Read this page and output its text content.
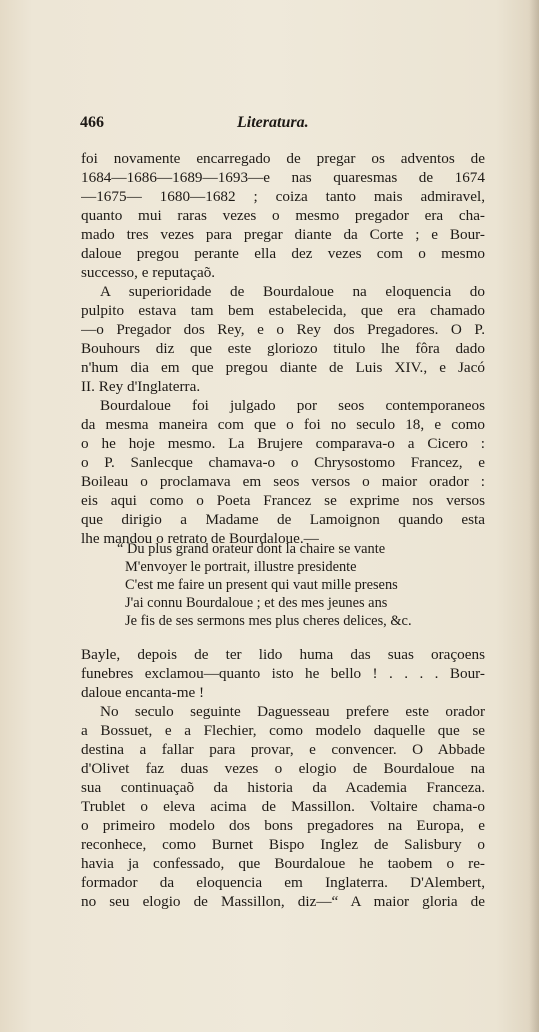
466	Literatura.
foi novamente encarregado de pregar os adventos de
1684—1686—1689—1693—e nas quaresmas de 1674
—1675— 1680—1682 ; coiza tanto mais admiravel,
quanto mui raras vezes o mesmo pregador era cha-
mado tres vezes para pregar diante da Corte ; e Bour-
daloue pregou perante ella dez vezes com o mesmo
successo, e reputaçaõ.
A superioridade de Bourdaloue na eloquencia do
pulpito estava tam bem estabelecida, que era chamado
—o Pregador dos Rey, e o Rey dos Pregadores. O P.
Bouhours diz que este gloriozo titulo lhe fôra dado
n'hum dia em que pregou diante de Luis XIV., e Jacó
II. Rey d'Inglaterra.
Bourdaloue foi julgado por seos contemporaneos
da mesma maneira com que o foi no seculo 18, e como
o he hoje mesmo. La Brujere comparava-o a Cicero :
o P. Sanlecque chamava-o o Chrysostomo Francez, e
Boileau o proclamava em seos versos o maior orador :
eis aqui como o Poeta Francez se exprime nos versos
que dirigio a Madame de Lamoignon quando esta
lhe mandou o retrato de Bourdaloue.—
“ Du plus grand orateur dont la chaire se vante
M'envoyer le portrait, illustre presidente
C'est me faire un present qui vaut mille presens
J'ai connu Bourdaloue ; et des mes jeunes ans
Je fis de ses sermons mes plus cheres delices, &c.
Bayle, depois de ter lido huma das suas oraçoens
funebres exclamou—quanto isto he bello ! . . . . Bour-
daloue encanta-me !
No seculo seguinte Daguesseau prefere este orador
a Bossuet, e a Flechier, como modelo daquelle que se
destina a fallar para provar, e convencer. O Abbade
d'Olivet faz duas vezes o elogio de Bourdaloue na
sua continuaçaõ da historia da Academia Franceza.
Trublet o eleva acima de Massillon. Voltaire chama-o
o primeiro modelo dos bons pregadores na Europa, e
reconhece, como Burnet Bispo Inglez de Salisbury o
havia ja confessado, que Bourdaloue he taobem o re-
formador da eloquencia em Inglaterra. D'Alembert,
no seu elogio de Massillon, diz—“ A maior gloria de
